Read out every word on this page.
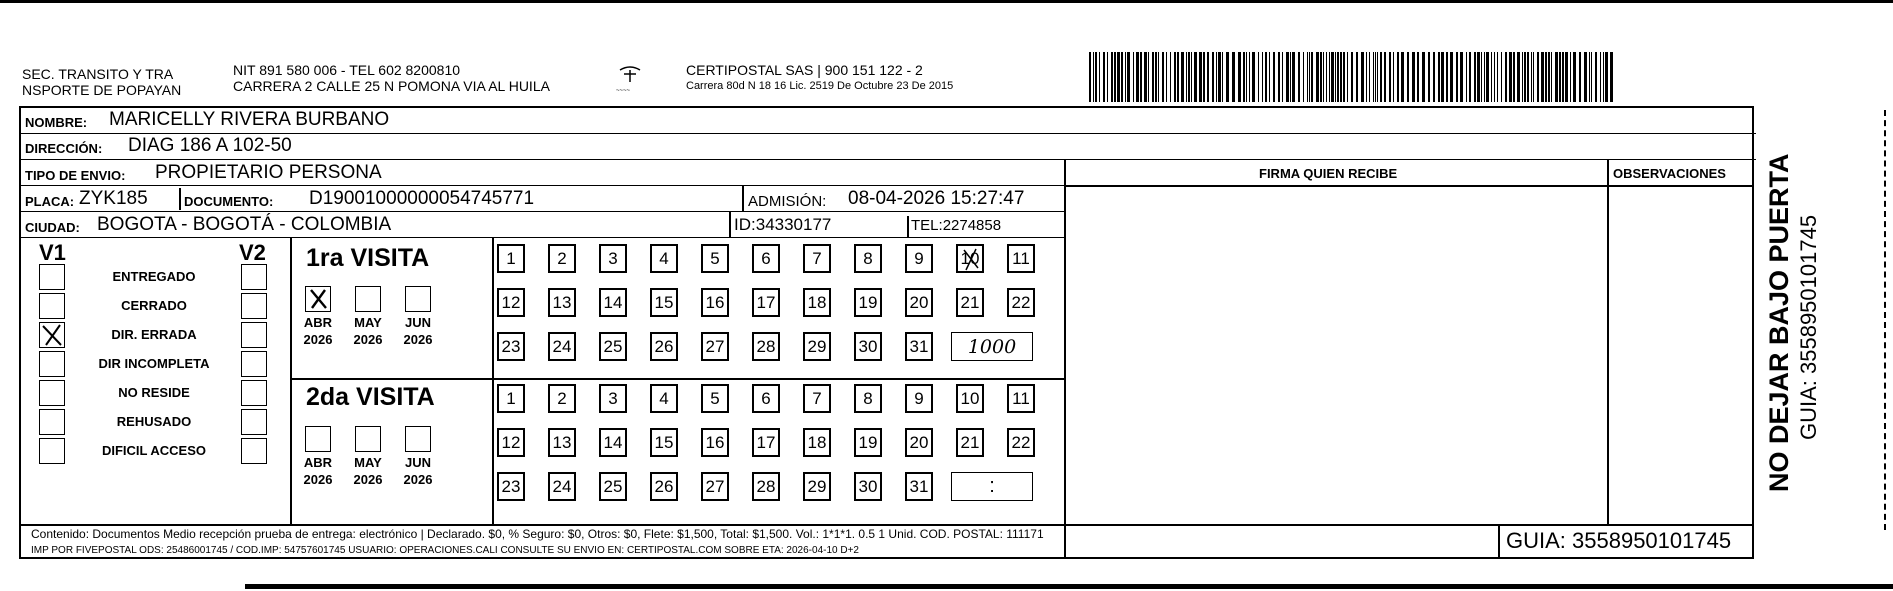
SEC. TRANSITO Y TRA
NSPORTE DE POPAYAN
NIT 891 580 006 - TEL 602 8200810
CARRERA 2 CALLE 25 N POMONA VIA AL HUILA	~~~~
CERTIPOSTAL SAS | 900 151 122 - 2
Carrera 80d N 18 16 Lic. 2519 De Octubre 23 De 2015
NOMBRE: MARICELLY RIVERA BURBANO
DIRECCIÓN: DIAG 186 A 102-50
TIPO DE ENVIO: PROPIETARIO PERSONA	FIRMA QUIEN RECIBE	OBSERVACIONES
PLACA: ZYK185	DOCUMENTO: D19001000000054745771	ADMISIÓN: 08-04-2026 15:27:47
CIUDAD: BOGOTA - BOGOTÁ - COLOMBIA	ID:34330177	TEL:2274858
V1	V2
ENTREGADO
CERRADO
DIR. ERRADA
DIR INCOMPLETA
NO RESIDE
REHUSADO
DIFICIL ACCESO
1ra VISITA
2da VISITA
ABR
2026
MAY
2026
JUN
2026
1 2 3 4 5 6 7 8 9 10 11
12 13 14 15 16 17 18 19 20 21 22
23 24 25 26 27 28 29 30 31 1000
ABR
2026
MAY
2026
JUN
2026
1 2 3 4 5 6 7 8 9 10 11
12 13 14 15 16 17 18 19 20 21 22
23 24 25 26 27 28 29 30 31	:
Contenido: Documentos Medio recepción prueba de entrega: electrónico | Declarado. $0, % Seguro: $0, Otros: $0, Flete: $1,500, Total: $1,500. Vol.: 1*1*1. 0.5 1 Unid. COD. POSTAL: 111171
IMP POR FIVEPOSTAL ODS: 25486001745 / COD.IMP: 54757601745 USUARIO: OPERACIONES.CALI CONSULTE SU ENVIO EN: CERTIPOSTAL.COM SOBRE ETA: 2026-04-10 D+2	GUIA: 3558950101745
NO DEJAR BAJO PUERTA GUIA: 3558950101745
